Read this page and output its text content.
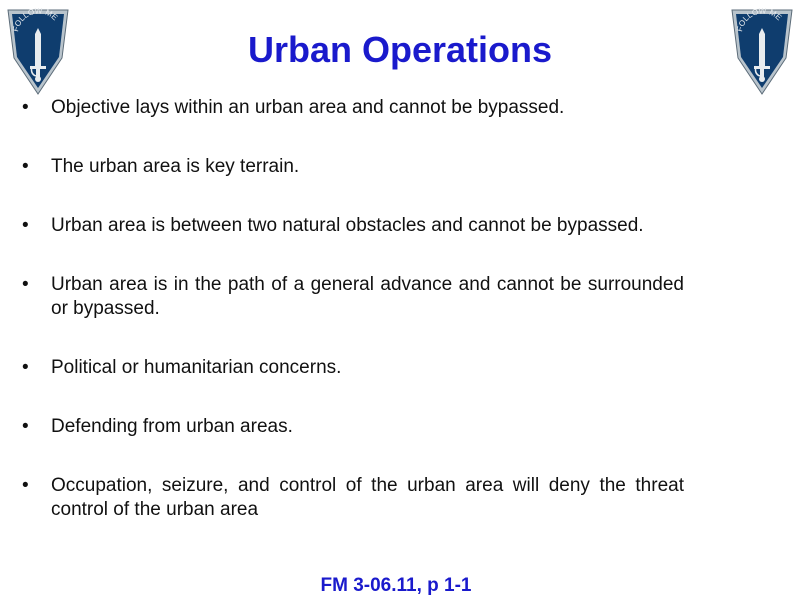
FOLLOW ME
FOLLOW ME
Urban Operations
• Objective lays within an urban area and cannot be bypassed.
• The urban area is key terrain.
• Urban area is between two natural obstacles and cannot be bypassed.
• Urban area is in the path of a general advance and cannot be surrounded or bypassed.
• Political or humanitarian concerns.
• Defending from urban areas.
• Occupation, seizure, and control of the urban area will deny the threat control of the urban area
FM 3-06.11, p 1-1
